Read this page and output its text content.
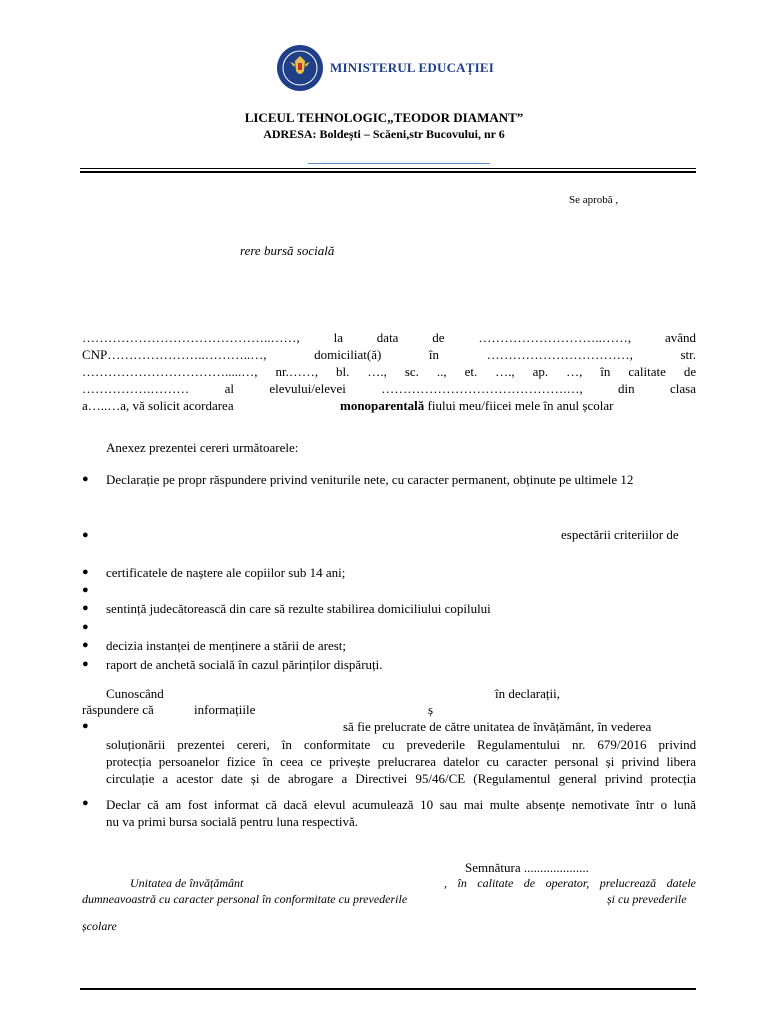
MINISTERUL EDUCAȚIEI
LICEUL TEHNOLOGIC„TEODOR DIAMANT”
ADRESA: Boldești – Scăeni,str Bucovului, nr 6
Se aprobă ,
rere bursă socială
……………………………………..……,	la	data	de	………………………..……,	având
CNP…………………..………..…,	domiciliat(ă)	în	……………………………,	str.
…………………………….....…, nr.……, bl. …., sc. .., et. …., ap. …, în calitate de
…………….………	al	elevului/elevei	…………………………………….…,	din	clasa
a…..…a, vă solicit acordarea	monoparentală fiului meu/fiicei mele în anul școlar
Anexez prezentei cereri următoarele:
● Declarație pe propr răspundere privind veniturile nete, cu caracter permanent, obținute pe ultimele 12
●	espectării criteriilor de
● certificatele de naștere ale copiilor sub 14 ani;
●
● sentință judecătorească din care să rezulte stabilirea domiciliului copilului
●
● decizia instanței de menținere a stării de arest;
● raport de anchetă socială în cazul părinților dispăruți.
Cunoscând	în declarații,
răspundere că	informațiile	ș
●	să fie prelucrate de către unitatea de învățământ, în vederea
soluționării prezentei cereri, în conformitate cu prevederile Regulamentului nr. 679/2016 privind
protecția persoanelor fizice în ceea ce privește prelucrarea datelor cu caracter personal și privind libera
circulație a acestor date și de abrogare a Directivei 95/46/CE (Regulamentul general privind protecția
● Declar că am fost informat că dacă elevul acumulează 10 sau mai multe absențe nemotivate într o lună
nu va primi bursa socială pentru luna respectivă.
Semnătura ....................
Unitatea de învățământ	, în calitate de operator, prelucrează datele
dumneavoastră cu caracter personal în conformitate cu prevederile	și cu prevederile
școlare
